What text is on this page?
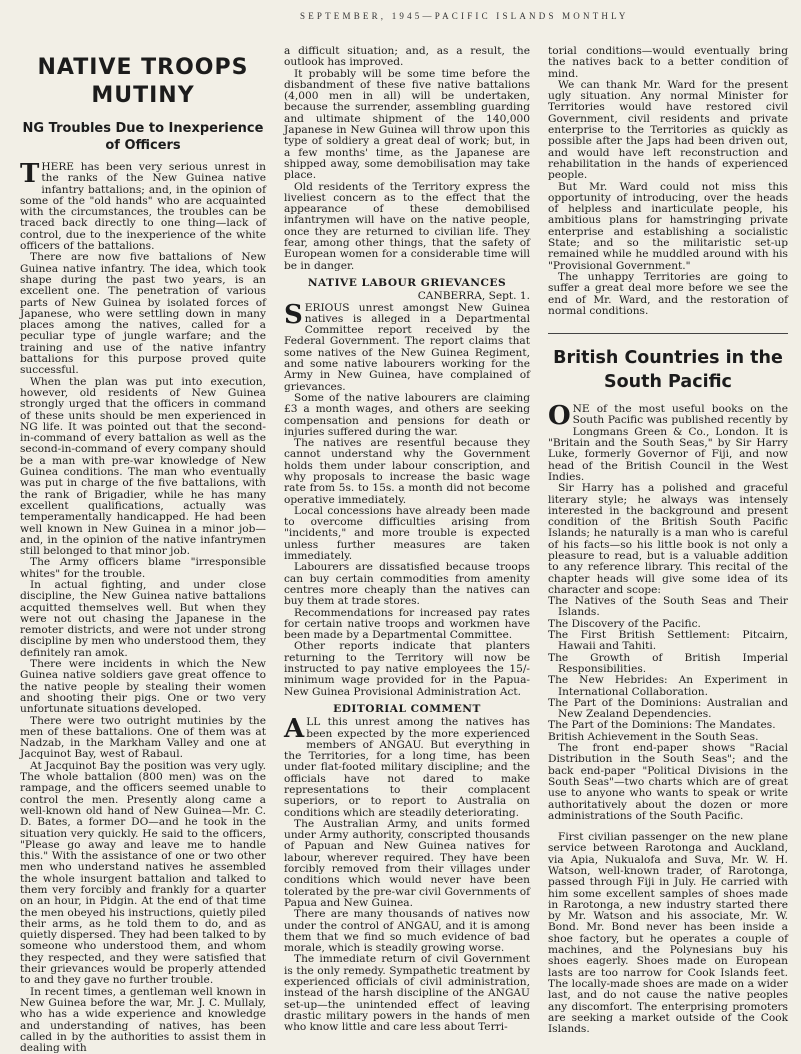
SEPTEMBER, 1945—PACIFIC ISLANDS MONTHLY
NATIVE TROOPS MUTINY
NG Troubles Due to Inexperience of Officers

THERE has been very serious unrest in the ranks of the New Guinea native infantry battalions; and, in the opinion of some of the "old hands" who are acquainted with the circumstances, the troubles can be traced back directly to one thing—lack of control, due to the inexperience of the white officers of the battalions.

There are now five battalions of New Guinea native infantry. The idea, which took shape during the past two years, is an excellent one. The penetration of various parts of New Guinea by isolated forces of Japanese, who were settling down in many places among the natives, called for a peculiar type of jungle warfare; and the training and use of the native infantry battalions for this purpose proved quite successful.

When the plan was put into execution, however, old residents of New Guinea strongly urged that the officers in command of these units should be men experienced in NG life. It was pointed out that the second-in-command of every battalion as well as the second-in-command of every company should be a man with pre-war knowledge of New Guinea conditions. The man who eventually was put in charge of the five battalions, with the rank of Brigadier, while he has many excellent qualifications, actually was temperamentally handicapped. He had been well known in New Guinea in a minor job—and, in the opinion of the native infantrymen still belonged to that minor job.

The Army officers blame "irresponsible whites" for the trouble.

In actual fighting, and under close discipline, the New Guinea native battalions acquitted themselves well. But when they were not out chasing the Japanese in the remoter districts, and were not under strong discipline by men who understood them, they definitely ran amok.

There were incidents in which the New Guinea native soldiers gave great offence to the native people by stealing their women and shooting their pigs. One or two very unfortunate situations developed.

There were two outright mutinies by the men of these battalions. One of them was at Nadzab, in the Markham Valley and one at Jacquinot Bay, west of Rabaul.

At Jacquinot Bay the position was very ugly. The whole battalion (800 men) was on the rampage, and the officers seemed unable to control the men. Presently along came a well-known old hand of New Guinea—Mr. C. D. Bates, a former DO—and he took in the situation very quickly. He said to the officers, "Please go away and leave me to handle this." With the assistance of one or two other men who understand natives he assembled the whole insurgent battalion and talked to them very forcibly and frankly for a quarter on an hour, in Pidgin. At the end of that time the men obeyed his instructions, quietly piled their arms, as he told them to do, and as quietly dispersed. They had been talked to by someone who understood them, and whom they respected, and they were satisfied that their grievances would be properly attended to and they gave no further trouble.

In recent times, a gentleman well known in New Guinea before the war, Mr. J. C. Mullaly, who has a wide experience and knowledge and understanding of natives, has been called in by the authorities to assist them in dealing with

a difficult situation; and, as a result, the outlook has improved.

It probably will be some time before the disbandment of these five native battalions (4,000 men in all) will be undertaken, because the surrender, assembling guarding and ultimate shipment of the 140,000 Japanese in New Guinea will throw upon this type of soldiery a great deal of work; but, in a few months' time, as the Japanese are shipped away, some demobilisation may take place.

Old residents of the Territory express the liveliest concern as to the effect that the appearance of these demobilised infantrymen will have on the native people, once they are returned to civilian life. They fear, among other things, that the safety of European women for a considerable time will be in danger.

NATIVE LABOUR GRIEVANCES

CANBERRA, Sept. 1.

SERIOUS unrest amongst New Guinea natives is alleged in a Departmental Committee report received by the Federal Government. The report claims that some natives of the New Guinea Regiment, and some native labourers working for the Army in New Guinea, have complained of grievances.

Some of the native labourers are claiming £3 a month wages, and others are seeking compensation and pensions for death or injuries suffered during the war.

The natives are resentful because they cannot understand why the Government holds them under labour conscription, and why proposals to increase the basic wage rate from 5s. to 15s. a month did not become operative immediately.

Local concessions have already been made to overcome difficulties arising from "incidents," and more trouble is expected unless further measures are taken immediately.

Labourers are dissatisfied because troops can buy certain commodities from amenity centres more cheaply than the natives can buy them at trade stores.

Recommendations for increased pay rates for certain native troops and workmen have been made by a Departmental Committee.

Other reports indicate that planters returning to the Territory will now be instructed to pay native employees the 15/- minimum wage provided for in the Papua-New Guinea Provisional Administration Act.

EDITORIAL COMMENT

ALL this unrest among the natives has been expected by the more experienced members of ANGAU. But everything in the Territories, for a long time, has been under flat-footed military discipline; and the officials have not dared to make representations to their complacent superiors, or to report to Australia on conditions which are steadily deteriorating.

The Australian Army, and units formed under Army authority, conscripted thousands of Papuan and New Guinea natives for labour, wherever required. They have been forcibly removed from their villages under conditions which would never have been tolerated by the pre-war civil Governments of Papua and New Guinea.

There are many thousands of natives now under the control of ANGAU, and it is among them that we find so much evidence of bad morale, which is steadily growing worse.

The immediate return of civil Government is the only remedy. Sympathetic treatment by experienced officials of civil administration, instead of the harsh discipline of the ANGAU set-up—the unintended effect of leaving drastic military powers in the hands of men who know little and care less about Terri-

torial conditions—would eventually bring the natives back to a better condition of mind.

We can thank Mr. Ward for the present ugly situation. Any normal Minister for Territories would have restored civil Government, civil residents and private enterprise to the Territories as quickly as possible after the Japs had been driven out, and would have left reconstruction and rehabilitation in the hands of experienced people.

But Mr. Ward could not miss this opportunity of introducing, over the heads of helpless and inarticulate people, his ambitious plans for hamstringing private enterprise and establishing a socialistic State; and so the militaristic set-up remained while he muddled around with his "Provisional Government."

The unhappy Territories are going to suffer a great deal more before we see the end of Mr. Ward, and the restoration of normal conditions.

British Countries in the South Pacific

ONE of the most useful books on the South Pacific was published recently by Longmans Green & Co., London. It is "Britain and the South Seas," by Sir Harry Luke, formerly Governor of Fiji, and now head of the British Council in the West Indies.

Sir Harry has a polished and graceful literary style; he always was intensely interested in the background and present condition of the British South Pacific Islands; he naturally is a man who is careful of his facts—so his little book is not only a pleasure to read, but is a valuable addition to any reference library. This recital of the chapter heads will give some idea of its character and scope:

The Natives of the South Seas and Their Islands.

The Discovery of the Pacific.

The First British Settlement: Pitcairn, Hawaii and Tahiti.

The Growth of British Imperial Responsibilities.

The New Hebrides: An Experiment in International Collaboration.

The Part of the Dominions: Australian and New Zealand Dependencies.

The Part of the Dominions: The Mandates.

British Achievement in the South Seas.

The front end-paper shows "Racial Distribution in the South Seas"; and the back end-paper "Political Divisions in the South Seas"—two charts which are of great use to anyone who wants to speak or write authoritatively about the dozen or more administrations of the South Pacific.

First civilian passenger on the new plane service between Rarotonga and Auckland, via Apia, Nukualofa and Suva, Mr. W. H. Watson, well-known trader, of Rarotonga, passed through Fiji in July. He carried with him some excellent samples of shoes made in Rarotonga, a new industry started there by Mr. Watson and his associate, Mr. W. Bond. Mr. Bond never has been inside a shoe factory, but he operates a couple of machines, and the Polynesians buy his shoes eagerly. Shoes made on European lasts are too narrow for Cook Islands feet. The locally-made shoes are made on a wider last, and do not cause the native peoples any discomfort. The enterprising promoters are seeking a market outside of the Cook Islands.
